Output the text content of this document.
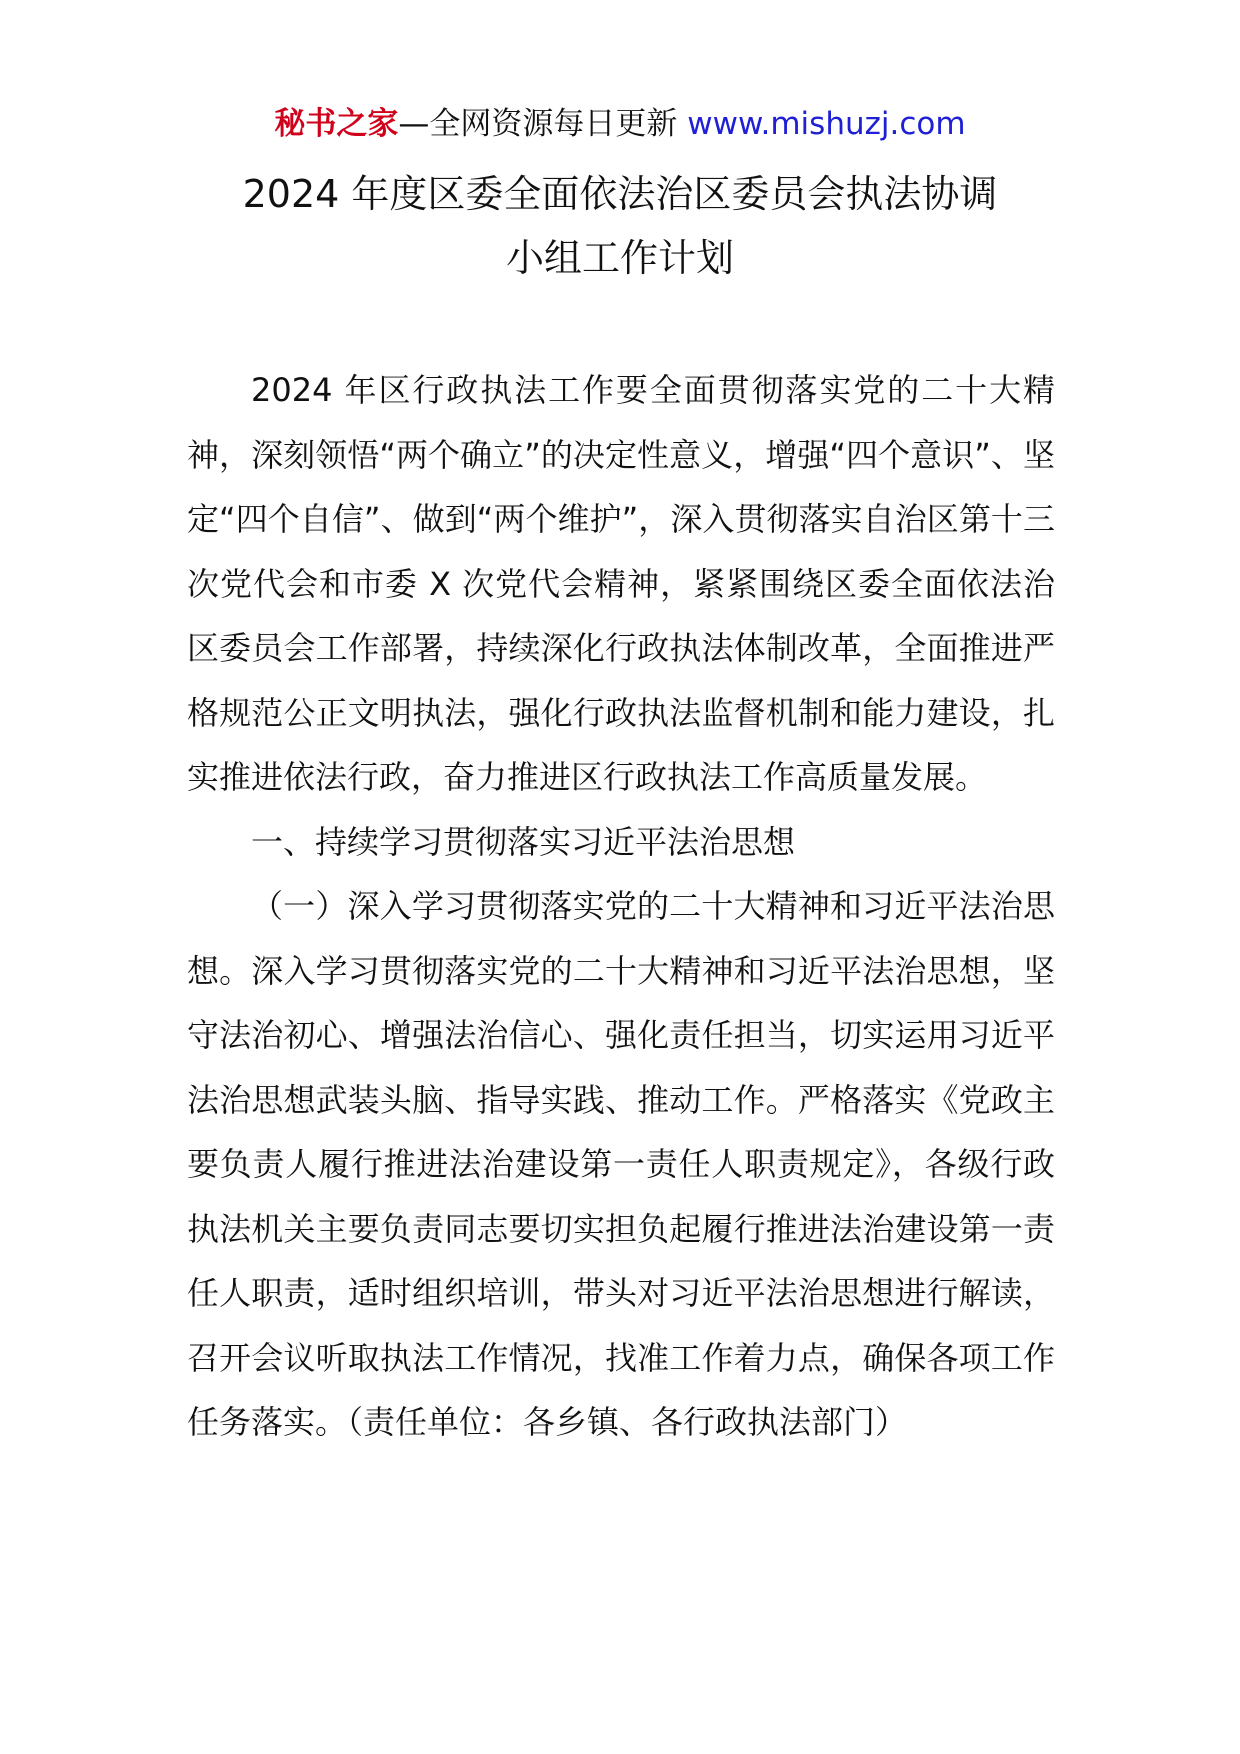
秘书之家—全网资源每日更新 www.mishuzj.com
2024 年度区委全面依法治区委员会执法协调
小组工作计划

2024 年区行政执法工作要全面贯彻落实党的二十大精神，深刻领悟“两个确立”的决定性意义，增强“四个意识”、坚定“四个自信”、做到“两个维护”，深入贯彻落实自治区第十三次党代会和市委 X 次党代会精神，紧紧围绕区委全面依法治区委员会工作部署，持续深化行政执法体制改革，全面推进严格规范公正文明执法，强化行政执法监督机制和能力建设，扎实推进依法行政，奋力推进区行政执法工作高质量发展。

一、持续学习贯彻落实习近平法治思想

（一）深入学习贯彻落实党的二十大精神和习近平法治思想。深入学习贯彻落实党的二十大精神和习近平法治思想，坚守法治初心、增强法治信心、强化责任担当，切实运用习近平法治思想武装头脑、指导实践、推动工作。严格落实《党政主要负责人履行推进法治建设第一责任人职责规定》，各级行政执法机关主要负责同志要切实担负起履行推进法治建设第一责任人职责，适时组织培训，带头对习近平法治思想进行解读，召开会议听取执法工作情况，找准工作着力点，确保各项工作任务落实。（责任单位：各乡镇、各行政执法部门）
